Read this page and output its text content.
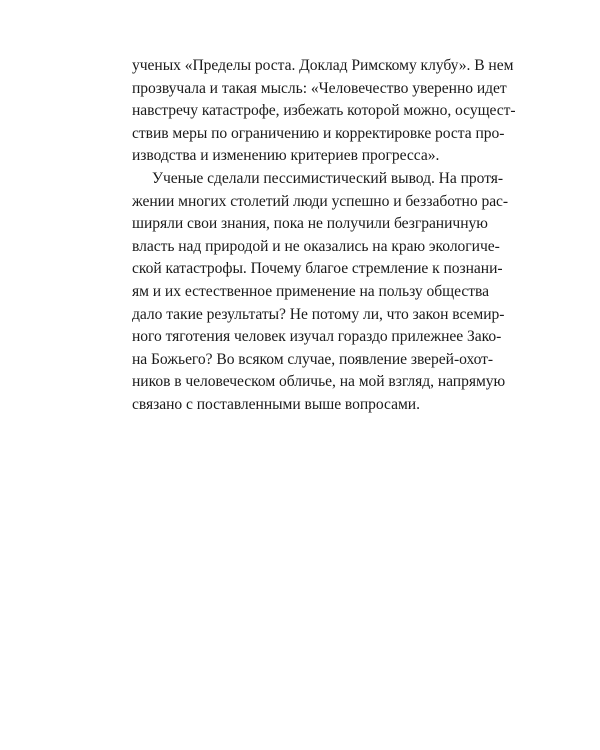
ученых «Пределы роста. Доклад Римскому клубу». В нем
прозвучала и такая мысль: «Человечество уверенно идет
навстречу катастрофе, избежать которой можно, осущест-
ствив меры по ограничению и корректировке роста про-
изводства и изменению критериев прогресса».
Ученые сделали пессимистический вывод. На протя-
жении многих столетий люди успешно и беззаботно рас-
ширяли свои знания, пока не получили безграничную
власть над природой и не оказались на краю экологиче-
ской катастрофы. Почему благое стремление к познани-
ям и их естественное применение на пользу общества
дало такие результаты? Не потому ли, что закон всемир-
ного тяготения человек изучал гораздо прилежнее Зако-
на Божьего? Во всяком случае, появление зверей-охот-
ников в человеческом обличье, на мой взгляд, напрямую
связано с поставленными выше вопросами.
